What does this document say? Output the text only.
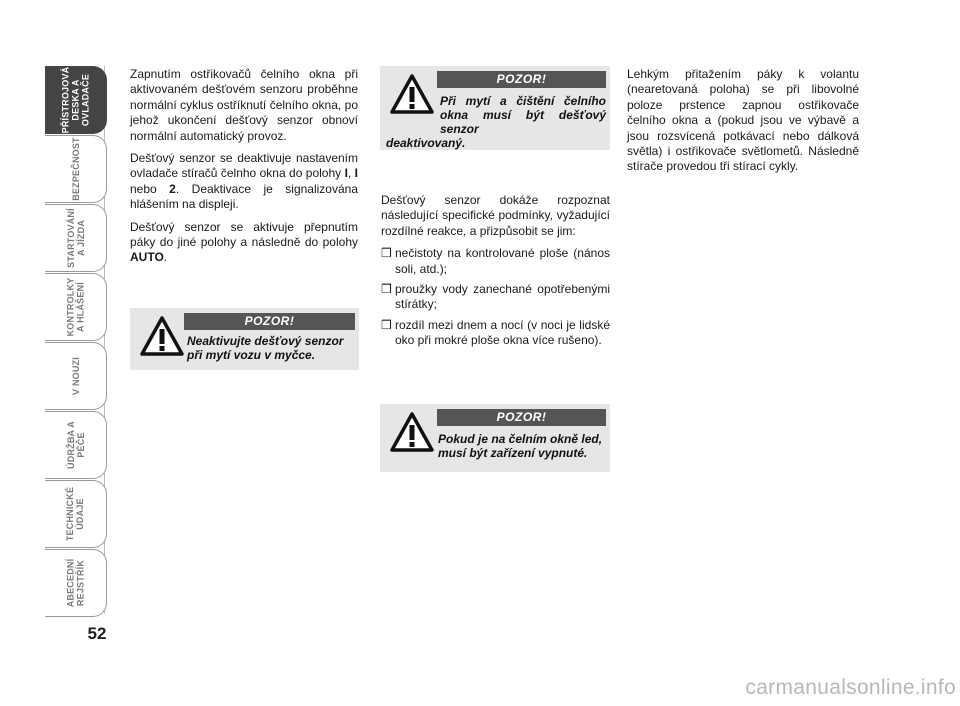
PŘÍSTROJOVÁ
DESKA A
OVLADAČE
BEZPEČNOST
STARTOVÁNÍ
A JÍZDA
KONTROLKY
A HLÁŠENÍ
V NOUZI
ÚDRŽBA A
PÉČE
TECHNICKÉ
ÚDAJE
ABECEDNÍ
REJSTŘÍK
52

Zapnutím ostřikovačů čelního okna při aktivovaném dešťovém senzoru proběhne normální cyklus ostříknutí čelního okna, po jehož ukončení dešťový senzor obnoví normální automatický provoz.

Dešťový senzor se deaktivuje nastavením ovladače stíračů čelnho okna do polohy I, I nebo 2. Deaktivace je signalizována hlášením na displeji.

Dešťový senzor se aktivuje přepnutím páky do jiné polohy a následně do polohy AUTO.

POZOR!
Neaktivujte dešťový senzor při mytí vozu v myčce.
POZOR!
Při mytí a čištění čelního okna musí být dešťový senzor
deaktivovaný.

Dešťový senzor dokáže rozpoznat následující specifické podmínky, vyžadující rozdílné reakce, a přizpůsobit se jim:

❒ nečistoty na kontrolované ploše (nános soli, atd.);
❒ proužky vody zanechané opotřebenými stírátky;
❒ rozdíl mezi dnem a nocí (v noci je lidské oko při mokré ploše okna více rušeno).
POZOR!
Pokud je na čelním okně led, musí být zařízení vypnuté.

Lehkým přitažením páky k volantu (nearetovaná poloha) se při libovolné poloze prstence zapnou ostřikovače čelního okna a (pokud jsou ve výbavě a jsou rozsvícená potkávací nebo dálková světla) i ostřikovače světlometů. Následně stírače provedou tři stírací cykly.

carmanualsonline.info
